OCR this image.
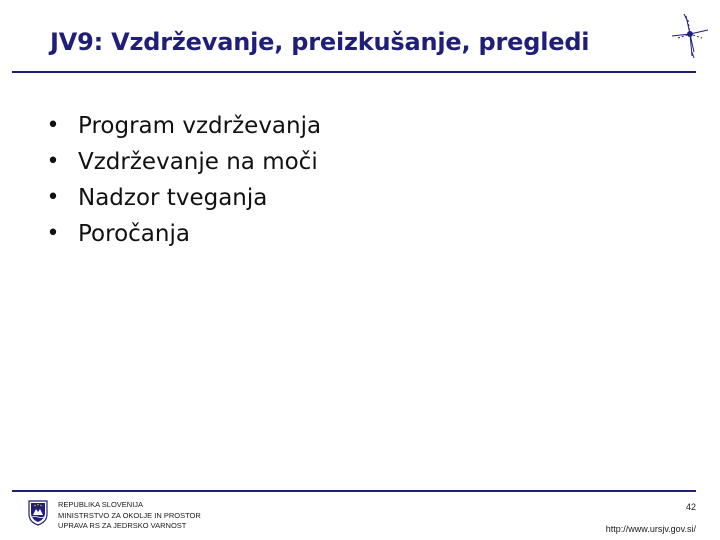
JV9: Vzdrževanje, preizkušanje, pregledi
• Program vzdrževanja
• Vzdrževanje na moči
• Nadzor tveganja
• Poročanja
REPUBLIKA SLOVENIJA
MINISTRSTVO ZA OKOLJE IN PROSTOR
UPRAVA RS ZA JEDRSKO VARNOST
42
http://www.ursjv.gov.si/
